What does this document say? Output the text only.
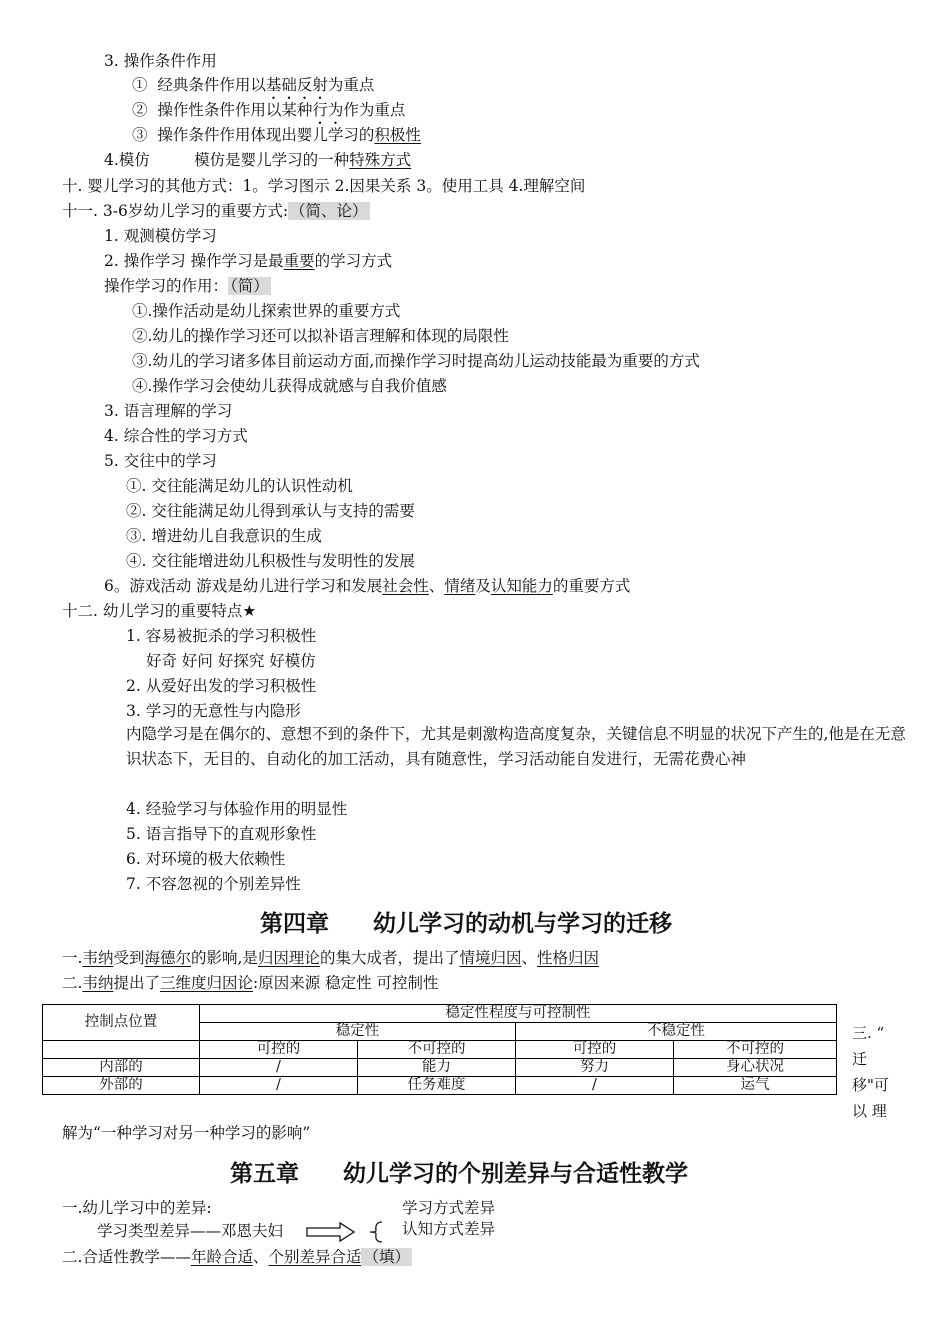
3. 操作条件作用
① 经典条件作用以基础反射为重点
② 操作性条件作用以某种行为作为重点
③ 操作条件作用体现出婴儿学习的积极性
4.模仿	模仿是婴儿学习的一种特殊方式
十. 婴儿学习的其他方式：1。学习图示 2.因果关系 3。使用工具 4.理解空间
十一. 3-6岁幼儿学习的重要方式: （简、论）
1. 观测模仿学习
2. 操作学习 操作学习是最重要的学习方式
操作学习的作用： （简）
①.操作活动是幼儿探索世界的重要方式
②.幼儿的操作学习还可以拟补语言理解和体现的局限性
③.幼儿的学习诸多体目前运动方面,而操作学习时提高幼儿运动技能最为重要的方式
④.操作学习会使幼儿获得成就感与自我价值感
3. 语言理解的学习
4. 综合性的学习方式
5. 交往中的学习
①. 交往能满足幼儿的认识性动机
②. 交往能满足幼儿得到承认与支持的需要
③. 增进幼儿自我意识的生成
④. 交往能增进幼儿积极性与发明性的发展
6。游戏活动 游戏是幼儿进行学习和发展社会性、情绪及认知能力的重要方式
十二. 幼儿学习的重要特点★
1. 容易被扼杀的学习积极性
好奇 好问 好探究 好模仿
2. 从爱好出发的学习积极性
3. 学习的无意性与内隐形
内隐学习是在偶尔的、意想不到的条件下，尤其是刺激构造高度复杂，关键信息不明显的状况下产生的,他是在无意识状态下，无目的、自动化的加工活动，具有随意性，学习活动能自发进行，无需花费心神
4. 经验学习与体验作用的明显性
5. 语言指导下的直观形象性
6. 对环境的极大依赖性
7. 不容忽视的个别差异性
第四章 幼儿学习的动机与学习的迁移
一.韦纳受到海德尔的影响,是归因理论的集大成者，提出了情境归因、性格归因
二.韦纳提出了三维度归因论:原因来源 稳定性 可控制性
控制点位置	稳定性程度与可控制性			
	稳定性		不稳定性	
	可控的	不可控的	可控的	不可控的
内部的	/	能力	努力	身心状况
外部的	/	任务难度	/	运气
三. “
迁
移"可
以 理
解为“一种学习对另一种学习的影响”
第五章 幼儿学习的个别差异与合适性教学
一.幼儿学习中的差异:
学习类型差异——邓恩夫妇
学习方式差异
认知方式差异
二.合适性教学——年龄合适、个别差异合适 （填）
